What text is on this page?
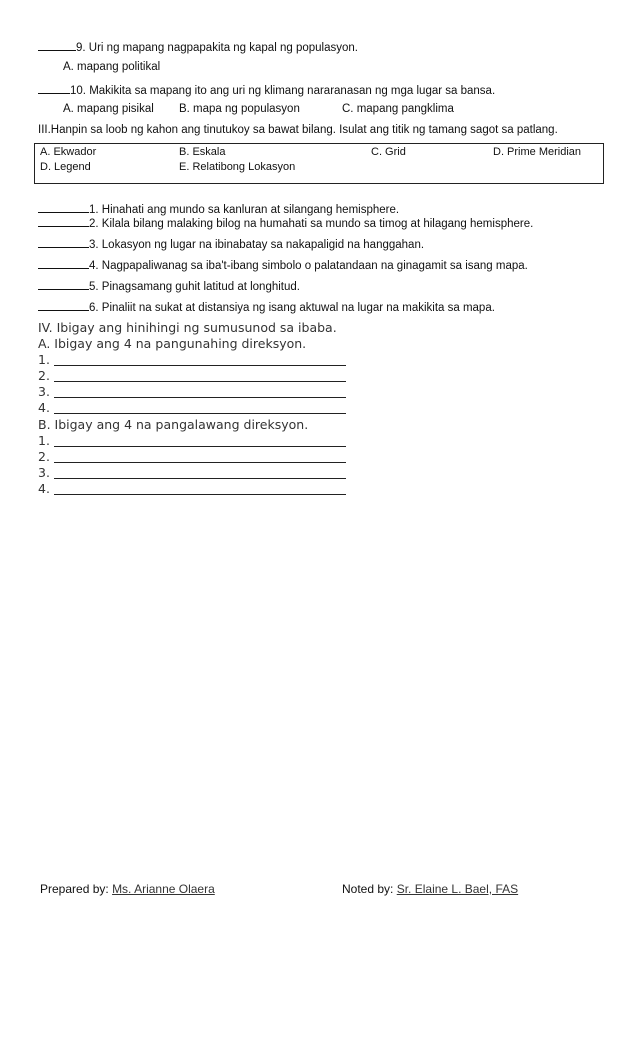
9. Uri ng mapang nagpapakita ng kapal ng populasyon.
A. mapang politikal
10. Makikita sa mapang ito ang uri ng klimang nararanasan ng mga lugar sa bansa.
A. mapang pisikal B. mapa ng populasyon	C. mapang pangklima
III.Hanpin sa loob ng kahon ang tinutukoy sa bawat bilang. Isulat ang titik ng tamang sagot sa patlang.
A. Ekwador	B. Eskala	C. Grid	D. Prime Meridian
D. Legend	E. Relatibong Lokasyon
1. Hinahati ang mundo sa kanluran at silangang hemisphere.
2. Kilala bilang malaking bilog na humahati sa mundo sa timog at hilagang hemisphere.
3. Lokasyon ng lugar na ibinabatay sa nakapaligid na hanggahan.
4. Nagpapaliwanag sa iba't-ibang simbolo o palatandaan na ginagamit sa isang mapa.
5. Pinagsamang guhit latitud at longhitud.
6. Pinaliit na sukat at distansiya ng isang aktuwal na lugar na makikita sa mapa.
IV. Ibigay ang hinihingi ng sumusunod sa ibaba.
A. Ibigay ang 4 na pangunahing direksyon.
1.
2.
3.
4.
B. Ibigay ang 4 na pangalawang direksyon.
1.
2.
3.
4.
Prepared by: Ms. Arianne Olaera	Noted by: Sr. Elaine L. Bael, FAS
